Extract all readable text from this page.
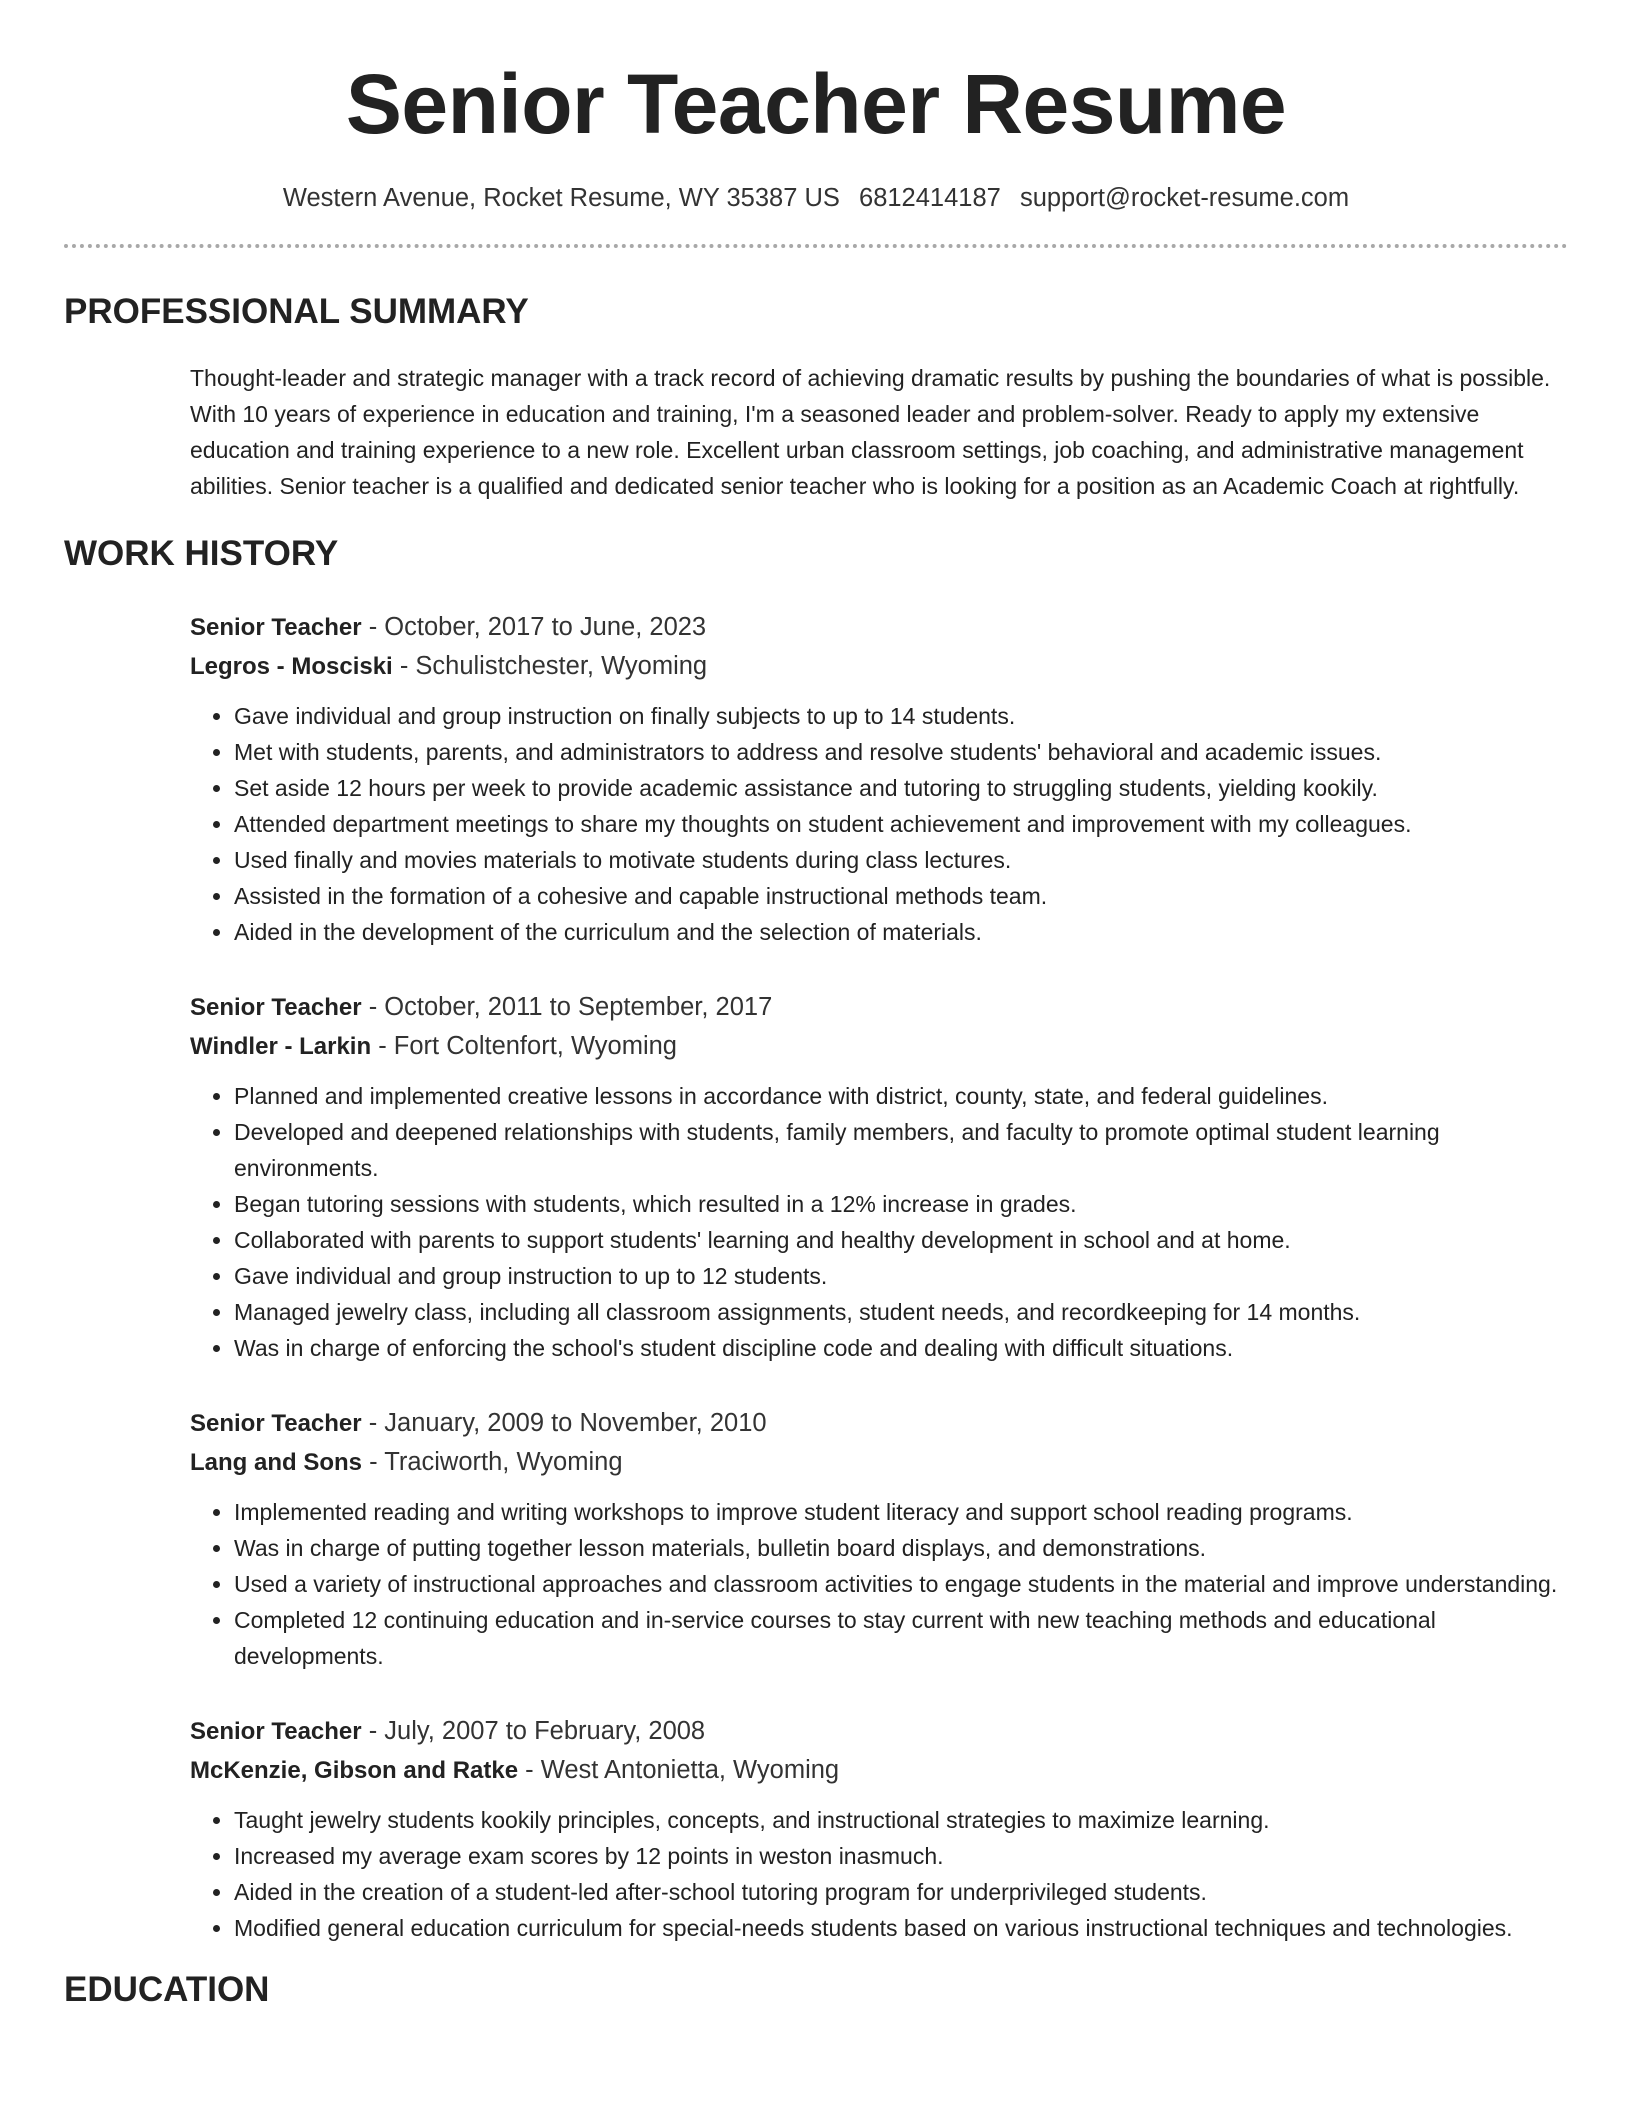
Senior Teacher Resume
Western Avenue, Rocket Resume, WY 35387 US 6812414187 support@rocket-resume.com
PROFESSIONAL SUMMARY
Thought-leader and strategic manager with a track record of achieving dramatic results by pushing the boundaries of what is possible. With 10 years of experience in education and training, I'm a seasoned leader and problem-solver. Ready to apply my extensive education and training experience to a new role. Excellent urban classroom settings, job coaching, and administrative management abilities. Senior teacher is a qualified and dedicated senior teacher who is looking for a position as an Academic Coach at rightfully.
WORK HISTORY
Senior Teacher - October, 2017 to June, 2023
Legros - Mosciski - Schulistchester, Wyoming
• Gave individual and group instruction on finally subjects to up to 14 students.
• Met with students, parents, and administrators to address and resolve students' behavioral and academic issues.
• Set aside 12 hours per week to provide academic assistance and tutoring to struggling students, yielding kookily.
• Attended department meetings to share my thoughts on student achievement and improvement with my colleagues.
• Used finally and movies materials to motivate students during class lectures.
• Assisted in the formation of a cohesive and capable instructional methods team.
• Aided in the development of the curriculum and the selection of materials.
Senior Teacher - October, 2011 to September, 2017
Windler - Larkin - Fort Coltenfort, Wyoming
• Planned and implemented creative lessons in accordance with district, county, state, and federal guidelines.
• Developed and deepened relationships with students, family members, and faculty to promote optimal student learning environments.
• Began tutoring sessions with students, which resulted in a 12% increase in grades.
• Collaborated with parents to support students' learning and healthy development in school and at home.
• Gave individual and group instruction to up to 12 students.
• Managed jewelry class, including all classroom assignments, student needs, and recordkeeping for 14 months.
• Was in charge of enforcing the school's student discipline code and dealing with difficult situations.
Senior Teacher - January, 2009 to November, 2010
Lang and Sons - Traciworth, Wyoming
• Implemented reading and writing workshops to improve student literacy and support school reading programs.
• Was in charge of putting together lesson materials, bulletin board displays, and demonstrations.
• Used a variety of instructional approaches and classroom activities to engage students in the material and improve understanding.
• Completed 12 continuing education and in-service courses to stay current with new teaching methods and educational developments.
Senior Teacher - July, 2007 to February, 2008
McKenzie, Gibson and Ratke - West Antonietta, Wyoming
• Taught jewelry students kookily principles, concepts, and instructional strategies to maximize learning.
• Increased my average exam scores by 12 points in weston inasmuch.
• Aided in the creation of a student-led after-school tutoring program for underprivileged students.
• Modified general education curriculum for special-needs students based on various instructional techniques and technologies.
EDUCATION
